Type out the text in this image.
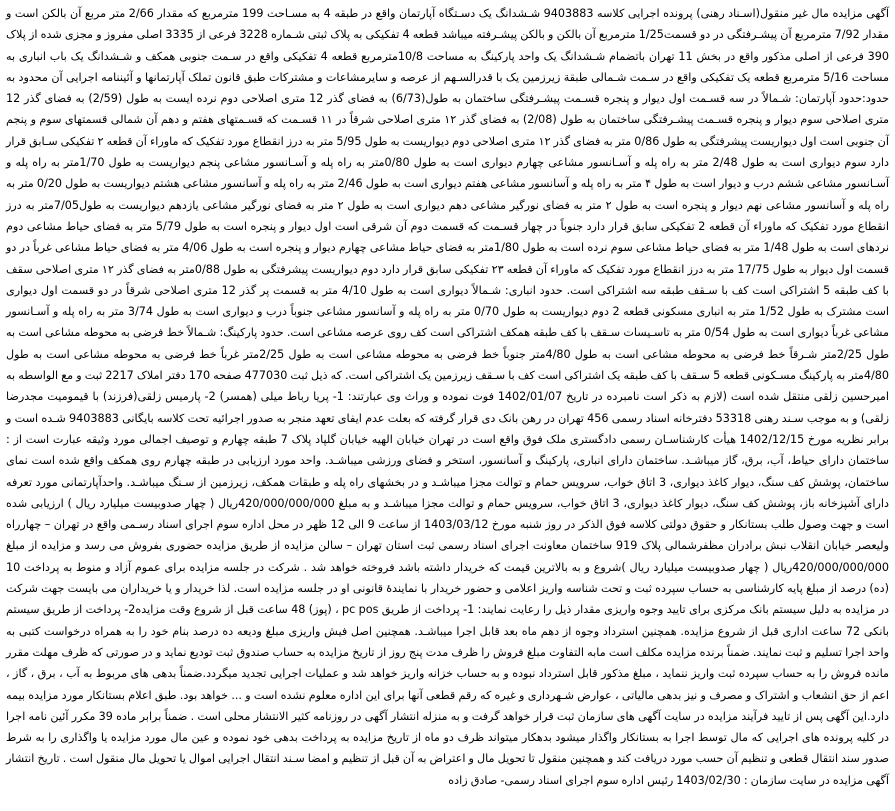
آگهی مزایده مال غیر منقول(اسـناد رهنی) پرونده اجرایی کلاسه 9403883 شـشدانگ یک دسـتگاه آپارتمان واقع در طبقه 4 به مسـاحت 199 مترمربع که مقدار 2/66 متر مربع آن بالکن است و مقدار 7/92 مترمربع آن پیشـرفتگی در دو قسمت1/25 مترمربع آن بالکن و بالکن پیشـرفته میباشد قطعه 4 تفکیکی به پلاک ثبتی شـماره 3228 فرعی از 3335 اصلی مفروز و مجزی شده از پلاک 390 فرعی از اصلی مذکور واقع در بخش 11 تهران باتضمام شـشدانگ یک واحد پارکینگ به مساحت 10/8مترمربع قطعه 4 تفکیکی واقع در سـمت جنوبی همکف و شـشدانگ یک باب انباری به مساحت 5/16 مترمربع قطعه یک تفکیکی واقع در سـمت شـمالی طبقة زیرزمین یک با قدرالسـهم از عرصه و سایرمشاعات و مشترکات طبق قانون تملک آپارتمانها و آئیننامه اجرایی آن محدود به حدود:حدود آپارتمان: شـمالاً در سه قسـمت اول دیوار و پنجره قسـمت پیشـرفتگی ساختمان به طول(6/73) به فضای گذر 12 متری اصلاحی دوم نرده ایست به طول (2/59) به فضای گذر 12 متری اصلاحی سوم دیوار و پنجره قسـمت پیشـرفتگی ساختمان به طول (2/08) به فضای گذر ۱۲ متری اصلاحی شرقاً در ۱۱ قسـمت که قسـمتهای هفتم و دهم آن شمالی قسمتهای سوم و پنجم آن جنوبی است اول دیواریست پیشرفتگی به طول 0/86 متر به فضای گذر ۱۲ متری اصلاحی دوم دیواریست به طول 5/95 متر به درز انقطاع مورد تفکیک که ماوراء آن قطعه ۲ تفکیکی سـابق قرار دارد سوم دیواری است به طول 2/48 متر به راه پله و آسـانسور مشاعی چهارم دیواری است به طول 0/80متر به راه پله و آسـانسور مشاعی پنجم دیواریست به طول 1/70متر به راه پله و آسـانسور مشاعی ششم درب و دیوار است به طول ۴ متر به راه پله و آسانسور مشاعی هفتم دیواری است به طول 2/46 متر به راه پله و آسانسور مشاعی هشتم دیواریست به طول 0/20 متر به راه پله و آسانسور مشاعی نهم دیوار و پنجره است به طول ۲ متر به فضای نورگیر مشاعی دهم دیواری است به طول ۲ متر به فضای نورگیر مشاعی یازدهم دیواریست به طول7/05متر به درز انقطاع مورد تفکیک که ماوراء آن قطعه 2 تفکیکی سابق قرار دارد جنوباً در چهار قسـمت که قسمت دوم آن شرقی است اول دیوار و پنجره است به طول 5/79 متر به فضای حیاط مشاعی دوم نردهای است به طول 1/48 متر به فضای حیاط مشاعی سوم نرده است به طول 1/80متر به فضای حیاط مشاعی چهارم دیوار و پنجره است به طول 4/06 متر به فضای حیاط مشاعی غرباً در دو قسمت اول دیوار به طول 17/75 متر به درز انقطاع مورد تفکیک که ماوراء آن قطعه ۲۳ تفکیکی سابق قرار دارد دوم دیواریست پیشرفتگی به طول 0/88متر به فضای گذر ۱۲ متری اصلاحی سقف با کف طبقه 5 اشتراکی است کف با سـقف طبقه سه اشتراکی است. حدود انباری: شـمالاً دیواری است به طول 4/10 متر به قسمت پر گذر 12 متری اصلاحی شرقاً در دو قسمت اول دیواری است مشترک به طول 1/52 متر به انباری مسکونی قطعه 2 دوم دیواریست به طول 0/70 متر به راه پله و آسانسور مشاعی جنوباً درب و دیواری است به طول 3/74 متر به راه پله و آسـانسور مشاعی غرباً دیواری است به طول 0/54 متر به تاسـیسات سـقف با کف طبقه همکف اشتراکی است کف روی عرصه مشاعی است. حدود پارکینگ: شـمالاً خط فرضی به محوطه مشاعی است به طول 2/25متر شـرقاً خط فرضی به محوطه مشاعی است به طول 4/80متر جنوباً خط فرضی به محوطه مشاعی است به طول 2/25متر غرباً خط فرضی به محوطه مشاعی است به طول 4/80متر به پارکینگ مسـکونی قطعه 5 سـقف با کف طبقه یک اشتراکی است کف با سـقف زیرزمین یک اشتراکی است. که ذیل ثبت 477030 صفحه 170 دفتر املاک 2217 ثبت و مع الواسطه به امیرحسین زلقی منتقل شده است (لازم به ذکر است نامبرده در تاریخ 1402/01/07 فوت نموده و وراث وی عبارتند: 1- پریا رباط میلی (همسر) 2- پارمیس زلقی(فرزند) با قیمومیت مجدرضا زلقی) و به موجب سـند رهنی 53318 دفترخانه اسناد رسمی 456 تهران در رهن بانک دی قرار گرفته که بعلت عدم ایفای تعهد منجر به صدور اجرائیه تحت کلاسه بایگانی 9403883 شـده است و برابر نظریه مورخ 1402/12/15 هیأت کارشناسـان رسمی دادگستری ملک فوق واقع است در تهران خیابان الهیه خیابان گلپاد پلاک 7 طبقه چهارم و توصیف اجمالی مورد وثیقه عبارت است از : ساختمان دارای حیاط، آب، برق، گاز میباشـد. ساختمان دارای انباری، پارکینگ و آسانسور، استخر و فضای ورزشی میباشـد. واحد مورد ارزیابی در طبقه چهارم روی همکف واقع شده است نمای ساختمان، پوشش کف سنگ، دیوار کاغذ دیواری، 3 اتاق خواب، سرویس حمام و توالت مجزا میباشـد و در بخشهای راه پله و طبقات همکف، زیرزمین از سـنگ میباشـد. واحدآپارتمانی مورد تعرفه دارای آشپزخانه باز، پوشش کف سنگ، دیوار کاغذ دیواری، 3 اتاق خواب، سرویس حمام و توالت مجزا میباشـد و به مبلغ 420/000/000/000ریال ( چهار صدوبیست میلیارد ریال ) ارزیابی شده است و جهت وصول طلب بستانکار و حقوق دولتی کلاسه فوق الذکر در روز شنبه مورخ 1403/03/12 از ساعت 9 الی 12 ظهر در محل اداره سوم اجرای اسناد رسـمی واقع در تهران – چهارراه ولیعصر خیابان انقلاب نبش برادران مظفرشمالی پلاک 919 ساختمان معاونت اجرای اسناد رسمی ثبت استان تهران – سالن مزایده از طریق مزایده حضوری بفروش می رسد و مزایده از مبلغ 420/000/000/000ریال ( چهار صدوبیست میلیارد ریال )شروع و به بالاترین قیمت که خریدار داشته باشد فروخته خواهد شد . شرکت در جلسه مزایده برای عموم آزاد و منوط به پرداخت 10 (ده) درصد از مبلغ پایه کارشناسی به حساب سپرده ثبت و تحت شناسه واریز اعلامی و حضور خریدار با نمایندهٔ قانونی او در جلسه مزایده است. لذا خریدار و یا خریداران می بایست جهت شرکت در مزایده به دلیل سیستم بانک مرکزی برای تایید وجوه واریزی مقدار ذیل را رعایت نمایند: 1- پرداخت از طریق pc pos ، (پوز) 48 ساعت قبل از شروع وقت مزایده2- پرداخت از طریق سیستم بانکی 72 ساعت اداری قبل از شروع مزایده. همچنین استرداد وجوه از دهم ماه بعد قابل اجرا میباشـد. همچنین اصل فیش واریزی مبلغ ودیعه ده درصد بنام خود را به همراه درخواست کتبی به واحد اجرا تسلیم و ثبت نمایند. ضمناً برنده مزایده مکلف است مابه التفاوت مبلغ فروش را ظرف مدت پنج روز از تاریخ مزایده به حساب صندوق ثبت تودیع نماید و در صورتی که ظرف مهلت مقرر مانده فروش را به حساب سپرده ثبت واریز ننماید ، مبلغ مذکور قابل استرداد نبوده و به حساب خزانه واریز خواهد شد و عملیات اجرایی تجدید میگردد.ضمناً بدهی های مربوط به آب ، برق ، گاز ، اعم از حق انشعاب و اشتراک و مصرف و نیز بدهی مالیاتی ، عوارض شـهرداری و غیره که رقم قطعی آنها برای این اداره معلوم نشده است و ... خواهد بود. طبق اعلام بستانکار مورد مزایده بیمه دارد.این آگهی پس از تایید فرآیند مزایده در سایت آگهی های سازمان ثبت قرار خواهد گرفت و به منزله انتشار آگهی در روزنامه کثیر الانتشار محلی است . ضمناً برابر ماده 39 مکرر آئین نامه اجرا در کلیه پرونده های اجرایی که مال توسط اجرا به بستانکار واگذار میشود بدهکار میتواند ظرف دو ماه از تاریخ مزایده به پرداخت بدهی خود نموده و عین مال مورد مزایده یا واگذاری را به شرط صدور سند انتقال قطعی و تنظیم آن حسب مورد دریافت کند و همچنین منقول تا تحویل مال و اعتراض به آن قبل از تنظیم و امضا سـند انتقال اجرایی اموال یا تحویل مال منقول است . تاریخ انتشار آگهی مزایده در سایت سازمان : 1403/02/30 رئیس اداره سوم اجرای اسناد رسمی- صادق زاده
